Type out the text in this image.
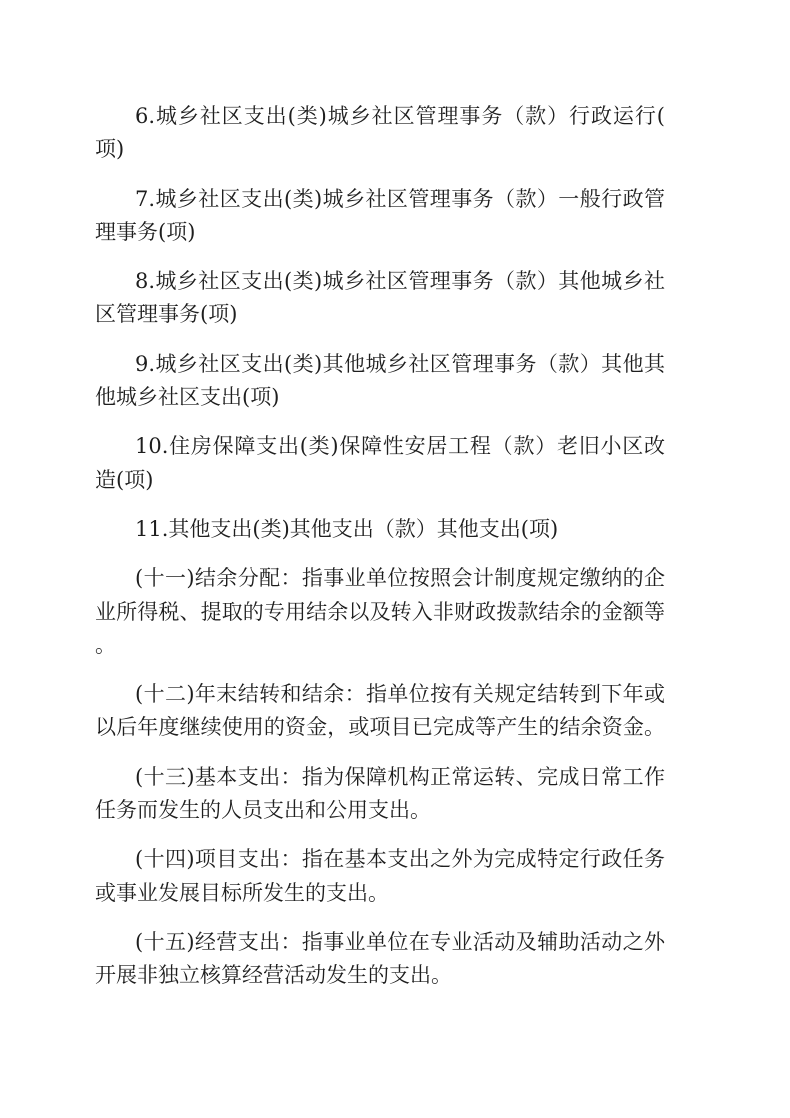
6.城乡社区支出(类)城乡社区管理事务（款）行政运行(
项)
7.城乡社区支出(类)城乡社区管理事务（款）一般行政管
理事务(项)
8.城乡社区支出(类)城乡社区管理事务（款）其他城乡社
区管理事务(项)
9.城乡社区支出(类)其他城乡社区管理事务（款）其他其
他城乡社区支出(项)
10.住房保障支出(类)保障性安居工程（款）老旧小区改
造(项)
11.其他支出(类)其他支出（款）其他支出(项)
(十一)结余分配：指事业单位按照会计制度规定缴纳的企
业所得税、提取的专用结余以及转入非财政拨款结余的金额等
。
(十二)年末结转和结余：指单位按有关规定结转到下年或
以后年度继续使用的资金，或项目已完成等产生的结余资金。
(十三)基本支出：指为保障机构正常运转、完成日常工作
任务而发生的人员支出和公用支出。
(十四)项目支出：指在基本支出之外为完成特定行政任务
或事业发展目标所发生的支出。
(十五)经营支出：指事业单位在专业活动及辅助活动之外
开展非独立核算经营活动发生的支出。
